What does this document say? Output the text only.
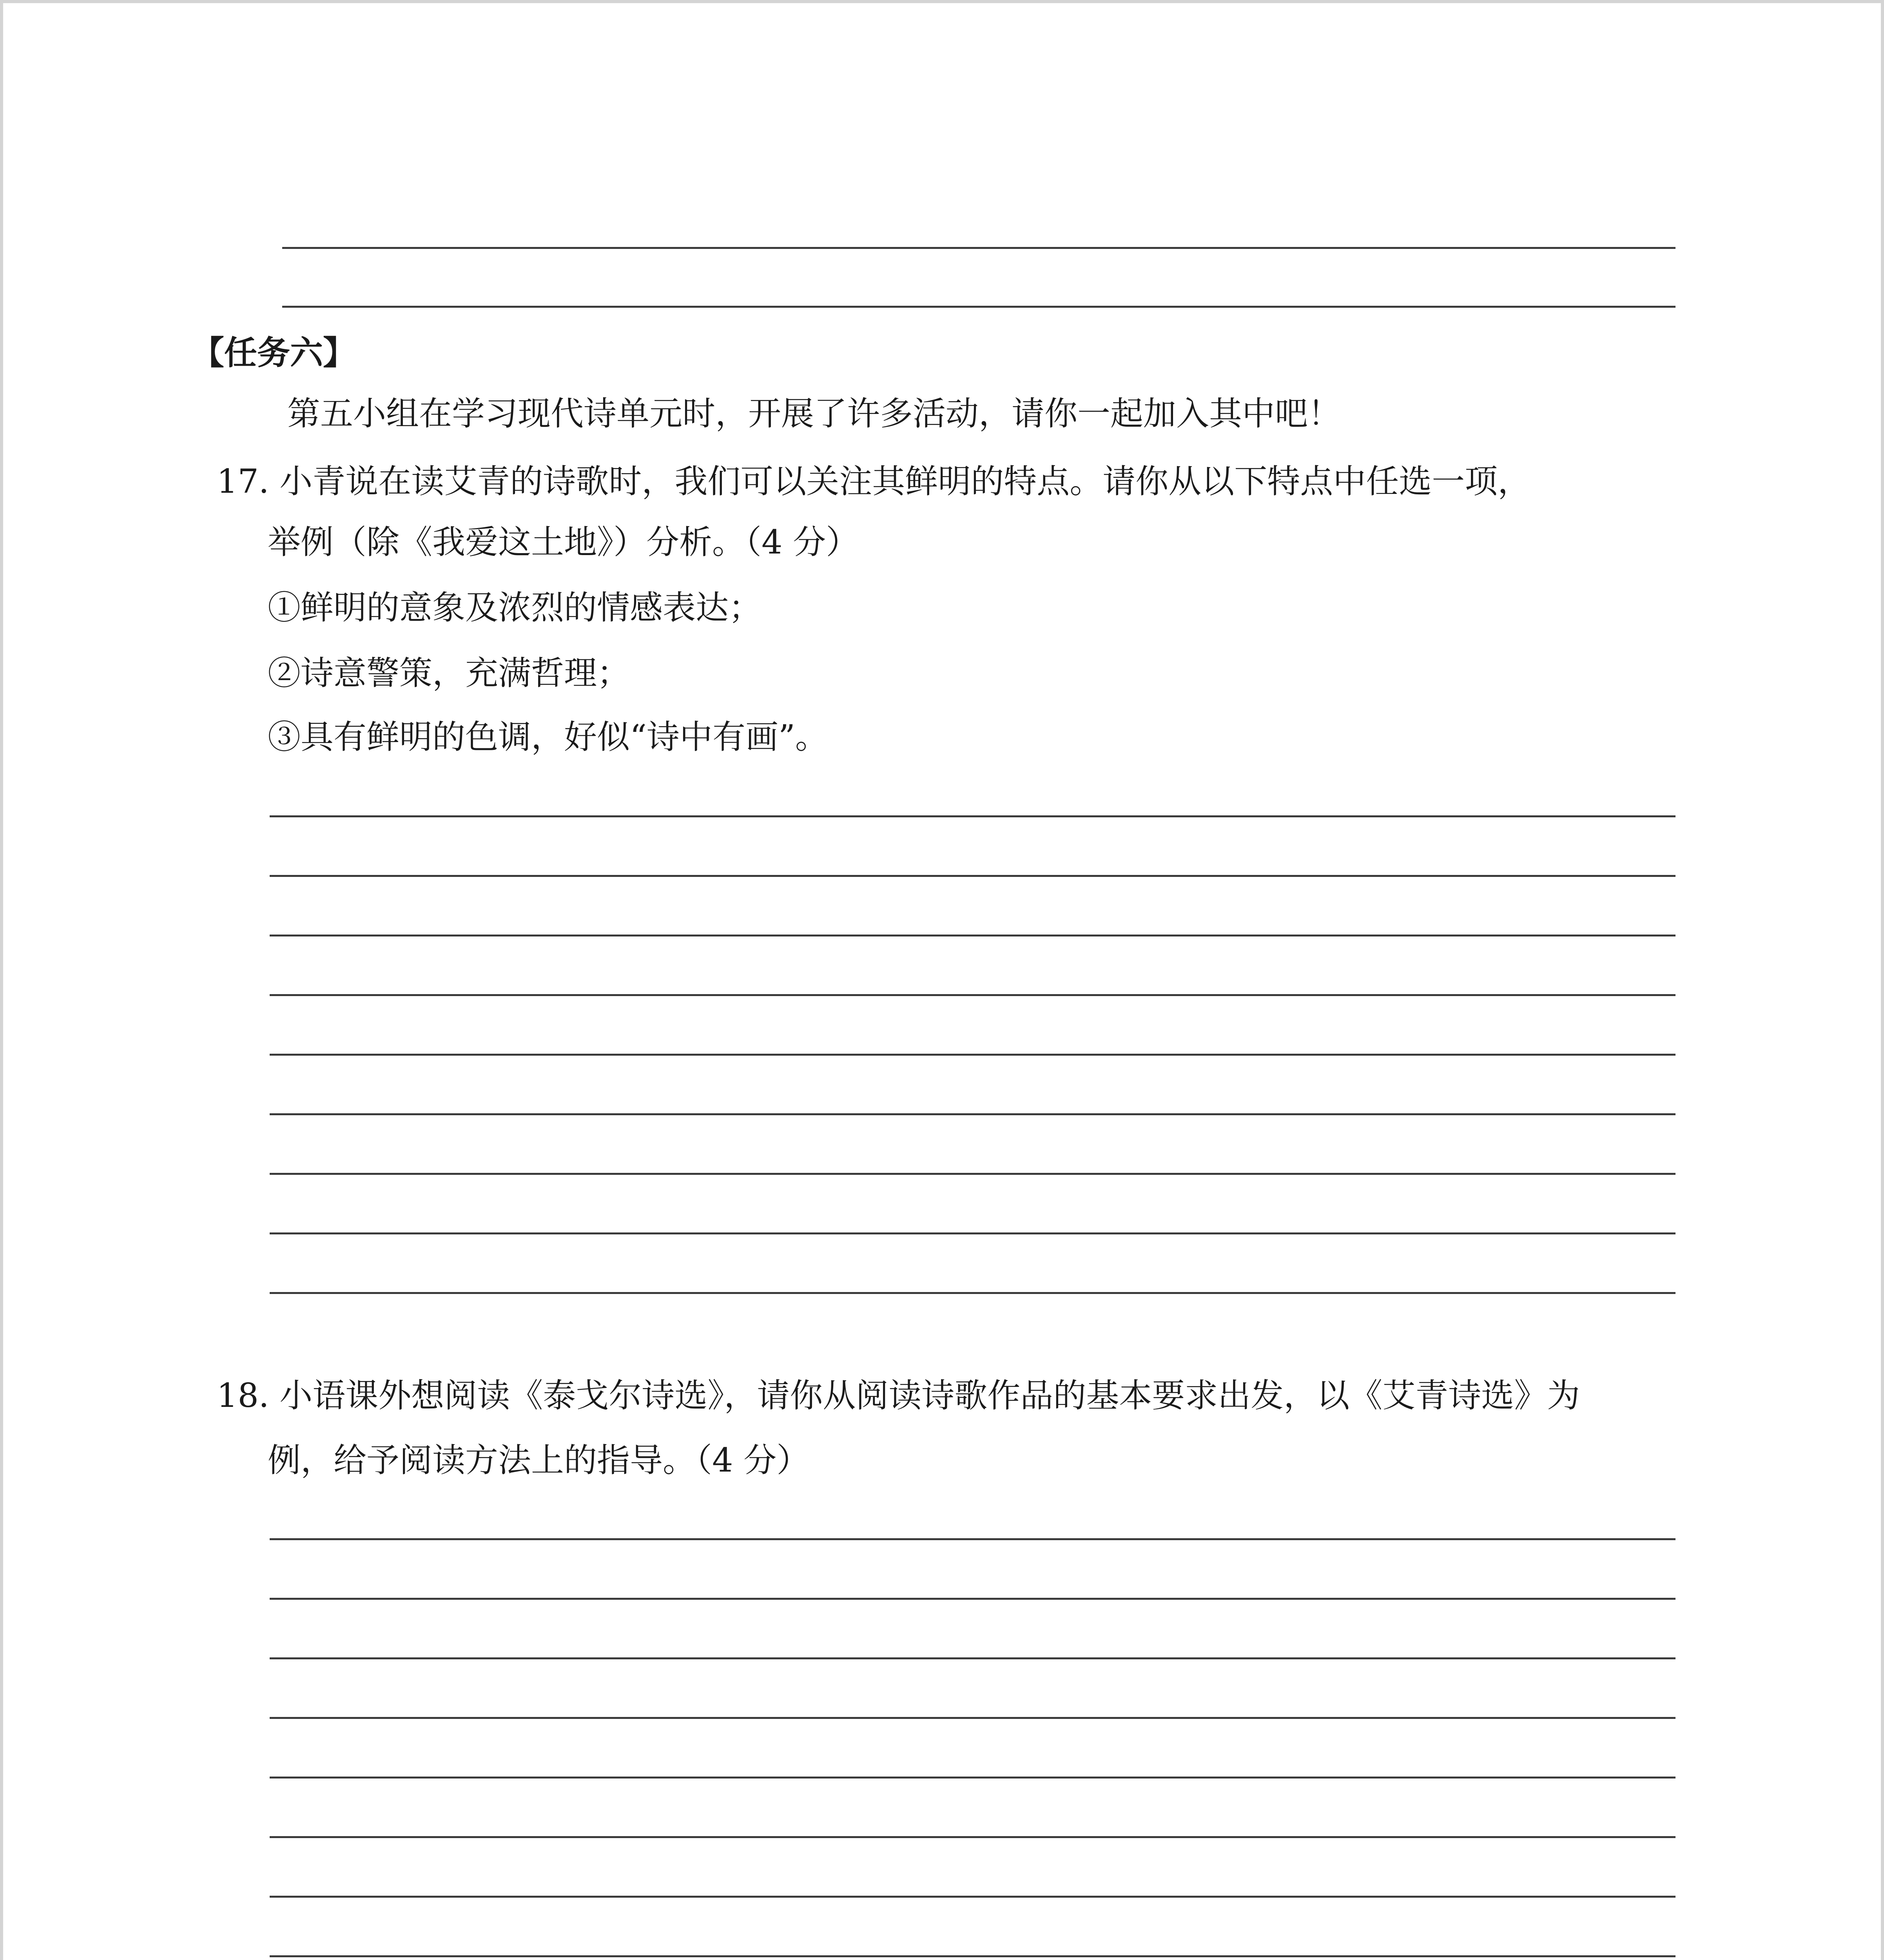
【任务六】
第五小组在学习现代诗单元时，开展了许多活动，请你一起加入其中吧！
17. 小青说在读艾青的诗歌时，我们可以关注其鲜明的特点。请你从以下特点中任选一项，
举例（除《我爱这土地》）分析。（4 分）
①鲜明的意象及浓烈的情感表达；
②诗意警策，充满哲理；
③具有鲜明的色调，好似“诗中有画”。
18. 小语课外想阅读《泰戈尔诗选》，请你从阅读诗歌作品的基本要求出发，以《艾青诗选》为
例，给予阅读方法上的指导。（4 分）
